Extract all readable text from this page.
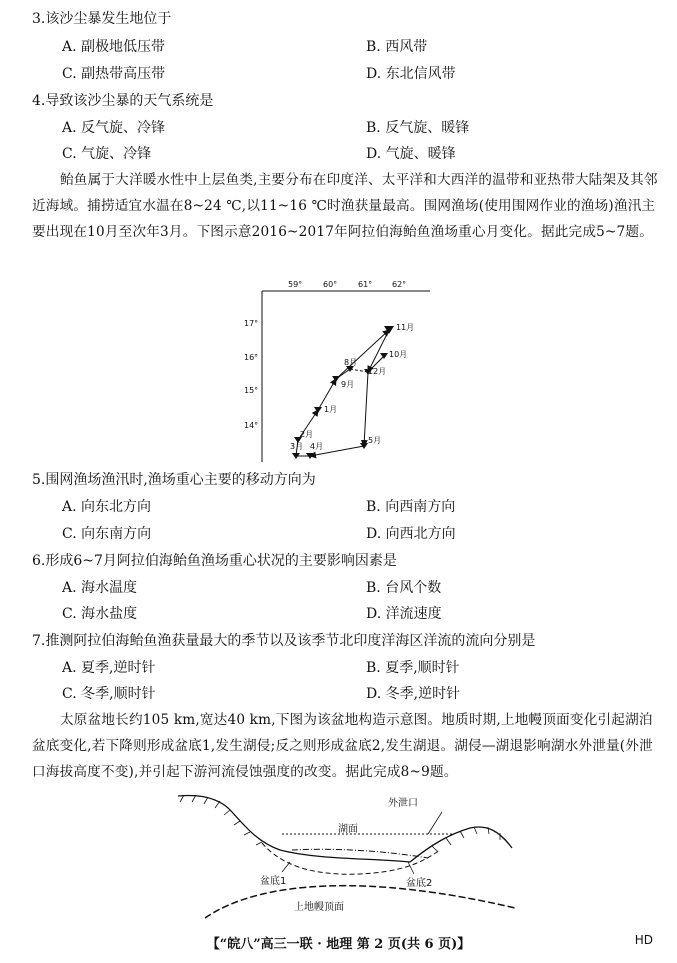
3.该沙尘暴发生地位于
A. 副极地低压带	B. 西风带
C. 副热带高压带	D. 东北信风带
4.导致该沙尘暴的天气系统是
A. 反气旋、冷锋	B. 反气旋、暖锋
C. 气旋、冷锋	D. 气旋、暖锋
鲐鱼属于大洋暖水性中上层鱼类,主要分布在印度洋、太平洋和大西洋的温带和亚热带大陆架及其邻近海域。捕捞适宜水温在8~24 ℃,以11~16 ℃时渔获量最高。围网渔场(使用围网作业的渔场)渔汛主要出现在10月至次年3月。下图示意2016~2017年阿拉伯海鲐鱼渔场重心月变化。据此完成5~7题。
59°	60°	61° 62°
17°
16°
15°
14°
11月
10月
8月
12月
9月
1月
2月
3月 4月
5月
5.围网渔场渔汛时,渔场重心主要的移动方向为
A. 向东北方向	B. 向西南方向
C. 向东南方向	D. 向西北方向
6.形成6~7月阿拉伯海鲐鱼渔场重心状况的主要影响因素是
A. 海水温度	B. 台风个数
C. 海水盐度	D. 洋流速度
7.推测阿拉伯海鲐鱼渔获量最大的季节以及该季节北印度洋海区洋流的流向分别是
A. 夏季,逆时针	B. 夏季,顺时针
C. 冬季,顺时针	D. 冬季,逆时针
太原盆地长约105 km,宽达40 km,下图为该盆地构造示意图。地质时期,上地幔顶面变化引起湖泊盆底变化,若下降则形成盆底1,发生湖侵;反之则形成盆底2,发生湖退。湖侵—湖退影响湖水外泄量(外泄口海拔高度不变),并引起下游河流侵蚀强度的改变。据此完成8~9题。
湖面
外泄口
盆底1	盆底2
上地幔顶面
【“皖八”高三一联 · 地理 第 2 页(共 6 页)】	HD
